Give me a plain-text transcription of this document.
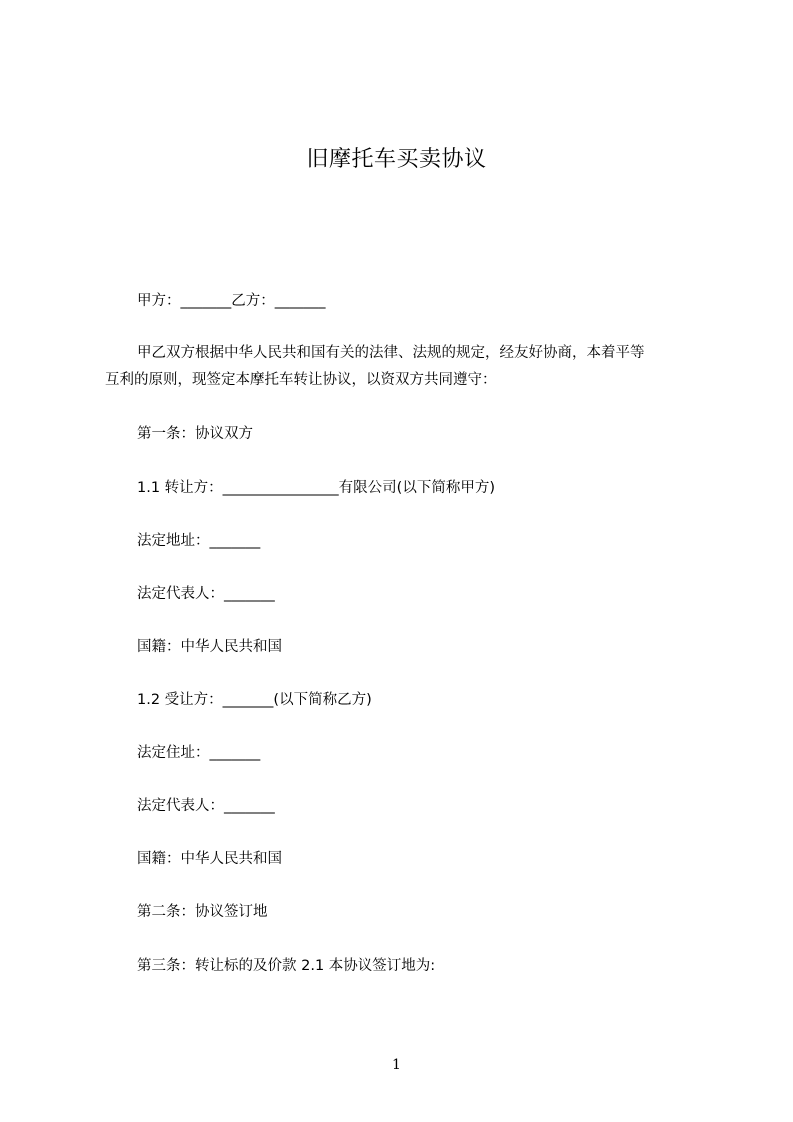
旧摩托车买卖协议
甲方：_______乙方：_______
甲乙双方根据中华人民共和国有关的法律、法规的规定，经友好协商，本着平等
互利的原则，现签定本摩托车转让协议，以资双方共同遵守：
第一条：协议双方
1.1 转让方：________________有限公司(以下简称甲方)
法定地址：_______
法定代表人：_______
国籍：中华人民共和国
1.2 受让方：_______(以下简称乙方)
法定住址：_______
法定代表人：_______
国籍：中华人民共和国
第二条：协议签订地
第三条：转让标的及价款 2.1 本协议签订地为:
1
